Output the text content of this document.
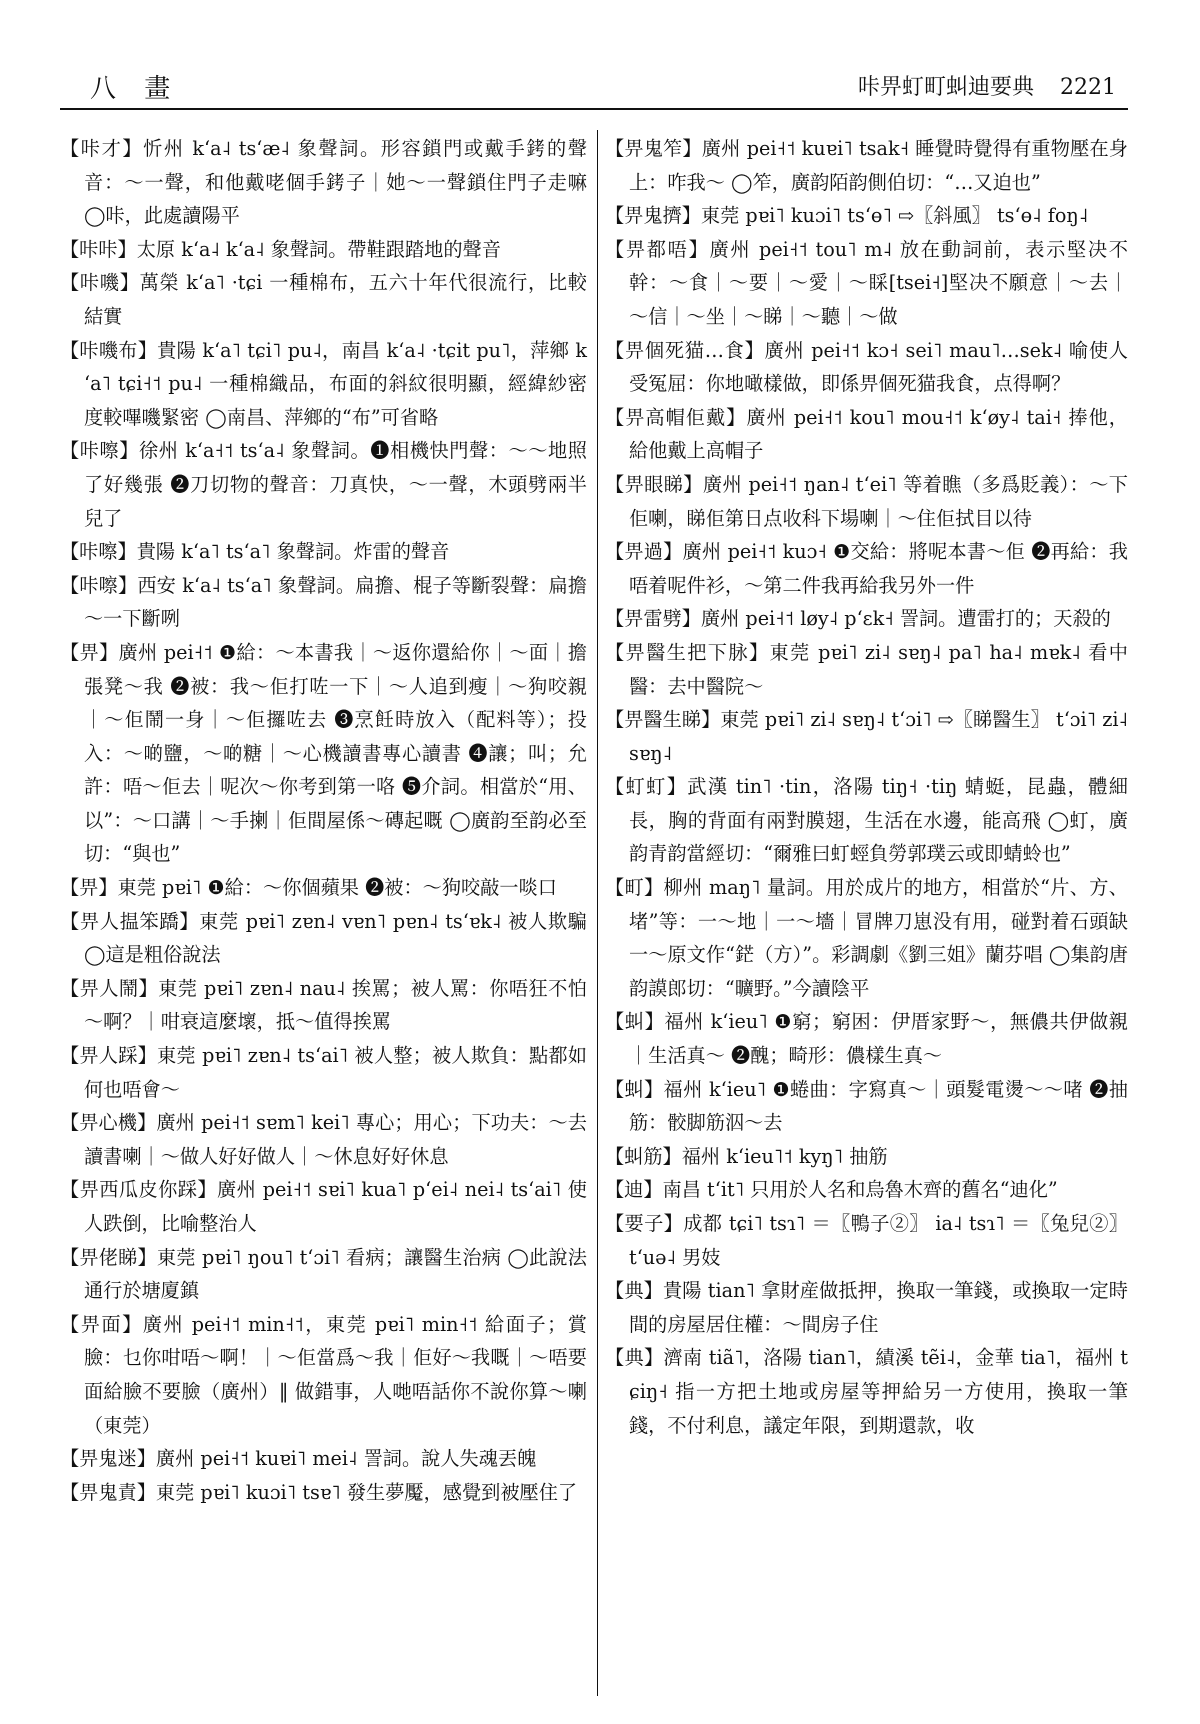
八 畫	咔畀虰町虯迪要典 2221

【咔才】忻州 kʻa˨ tsʻæ˨ 象聲詞。形容鎖門或戴手銬的聲音：～一聲，和他戴咾個手銬子｜她～一聲鎖住門子走嘛 ◯咔，此處讀陽平

【咔咔】太原 kʻa˨ kʻa˨ 象聲詞。帶鞋跟踏地的聲音

【咔嘰】萬榮 kʻa˥ ·tɕi 一種棉布，五六十年代很流行，比較結實

【咔嘰布】貴陽 kʻa˥ tɕi˥ pu˨，南昌 kʻa˨ ·tɕit pu˥，萍鄉 kʻa˥ tɕi˧˦ pu˨ 一種棉織品，布面的斜紋很明顯，經緯紗密度較嗶嘰緊密 ◯南昌、萍鄉的“布”可省略

【咔嚓】徐州 kʻa˧˦ tsʻa˨ 象聲詞。❶相機快門聲：～～地照了好幾張 ❷刀切物的聲音：刀真快，～一聲，木頭劈兩半兒了

【咔嚓】貴陽 kʻa˥ tsʻa˥ 象聲詞。炸雷的聲音

【咔嚓】西安 kʻa˨ tsʻa˥ 象聲詞。扁擔、棍子等斷裂聲：扁擔～一下斷咧

【畀】廣州 pei˧˦ ❶給：～本書我｜～返你還給你｜～面｜擔張凳～我 ❷被：我～佢打咗一下｜～人追到瘦｜～狗咬親｜～佢鬧一身｜～佢攞咗去 ❸烹飪時放入（配料等）；投入：～啲鹽，～啲糖｜～心機讀書專心讀書 ❹讓；叫；允許：唔～佢去｜呢次～你考到第一咯 ❺介詞。相當於“用、以”：～口講｜～手揦｜佢間屋係～磚起嘅 ◯廣韵至韵必至切：“與也”

【畀】東莞 pɐi˥ ❶給：～你個蘋果 ❷被：～狗咬敲一啖口

【畀人揾笨蹻】東莞 pɐi˥ zɐn˨ vɐn˥ pɐn˨ tsʻɐk˨ 被人欺騙 ◯這是粗俗說法

【畀人鬧】東莞 pɐi˥ zɐn˨ nau˨ 挨罵；被人罵：你唔狂不怕～啊？｜咁衰這麼壞，抵～值得挨罵

【畀人踩】東莞 pɐi˥ zɐn˨ tsʻai˥ 被人整；被人欺負：點都如何也唔會～

【畀心機】廣州 pei˧˦ sɐm˥ kei˥ 專心；用心；下功夫：～去讀書喇｜～做人好好做人｜～休息好好休息

【畀西瓜皮你踩】廣州 pei˧˦ sɐi˥ kua˥ pʻei˨ nei˨ tsʻai˥ 使人跌倒，比喻整治人

【畀佬睇】東莞 pɐi˥ ŋou˥ tʻɔi˥ 看病；讓醫生治病 ◯此說法通行於塘廈鎮

【畀面】廣州 pei˧˦ min˧˦，東莞 pɐi˥ min˧˦ 給面子；賞臉：乜你咁唔～啊！｜～佢當爲～我｜佢好～我嘅｜～唔要面給臉不要臉（廣州）‖ 做錯事，人哋唔話你不說你算～喇（東莞）

【畀鬼迷】廣州 pei˧˦ kuɐi˥ mei˨ 詈詞。說人失魂丟魄

【畀鬼責】東莞 pɐi˥ kuɔi˥ tsɐ˥ 發生夢魘，感覺到被壓住了

【畀鬼笮】廣州 pei˧˦ kuɐi˥ tsak˧ 睡覺時覺得有重物壓在身上：咋我～ ◯笮，廣韵陌韵側伯切：“…又迫也”

【畀鬼擠】東莞 pɐi˥ kuɔi˥ tsʻɵ˥ ⇨〖斜風〗 tsʻɵ˨ foŋ˨

【畀都唔】廣州 pei˧˦ tou˥ m˨ 放在動詞前，表示堅决不幹：～食｜～要｜～愛｜～睬[tsei˧]堅决不願意｜～去｜～信｜～坐｜～睇｜～聽｜～做

【畀個死猫…食】廣州 pei˧˦ kɔ˧ sei˥ mau˥…sek˨ 喻使人受冤屈：你地噉樣做，即係畀個死猫我食，点得啊？

【畀高帽佢戴】廣州 pei˧˦ kou˥ mou˧˦ kʻøy˨ tai˧ 捧他，給他戴上高帽子

【畀眼睇】廣州 pei˧˦ ŋan˨ tʻei˥ 等着瞧（多爲貶義）：～下佢喇，睇佢第日点收科下場喇｜～住佢拭目以待

【畀過】廣州 pei˧˦ kuɔ˧ ❶交給：將呢本書～佢 ❷再給：我唔着呢件衫，～第二件我再給我另外一件

【畀雷劈】廣州 pei˧˦ løy˨ pʻɛk˧ 詈詞。遭雷打的；天殺的

【畀醫生把下脉】東莞 pɐi˥ zi˨ sɐŋ˨ pa˥ ha˨ mɐk˨ 看中醫：去中醫院～

【畀醫生睇】東莞 pɐi˥ zi˨ sɐŋ˨ tʻɔi˥ ⇨〖睇醫生〗 tʻɔi˥ zi˨ sɐŋ˨

【虰虰】武漢 tin˥ ·tin，洛陽 tiŋ˧ ·tiŋ 蜻蜓，昆蟲，體細長，胸的背面有兩對膜翅，生活在水邊，能高飛 ◯虰，廣韵青韵當經切：“爾雅曰虰蛵負勞郭璞云或即蜻蛉也”

【町】柳州 maŋ˥ 量詞。用於成片的地方，相當於“片、方、堵”等：一～地｜一～墻｜冒牌刀崽没有用，碰對着石頭缺一～原文作“鋩（方）”。彩調劇《劉三姐》蘭芬唱 ◯集韵唐韵謨郎切：“曠野。”今讀陰平

【虯】福州 kʻieu˥ ❶窮；窮困：伊厝家野～，無儂共伊做親｜生活真～ ❷醜；畸形：儂樣生真～

【虯】福州 kʻieu˥ ❶蜷曲：字寫真～｜頭髮電燙～～啫 ❷抽筋：骹脚筋泅～去

【虯筋】福州 kʻieu˥˦ kyŋ˥ 抽筋

【迪】南昌 tʻit˥ 只用於人名和烏魯木齊的舊名“迪化”

【要子】成都 tɕi˥ tsɿ˥ ＝〖鴨子②〗 ia˨ tsɿ˥ ＝〖兔兒②〗 tʻuə˨ 男妓

【典】貴陽 tian˥ 拿財産做抵押，換取一筆錢，或換取一定時間的房屋居住權：～間房子住

【典】濟南 tiã˥，洛陽 tian˥，績溪 tẽi˨，金華 tia˥，福州 tɕiŋ˧ 指一方把土地或房屋等押給另一方使用，換取一筆錢，不付利息，議定年限，到期還款，收
